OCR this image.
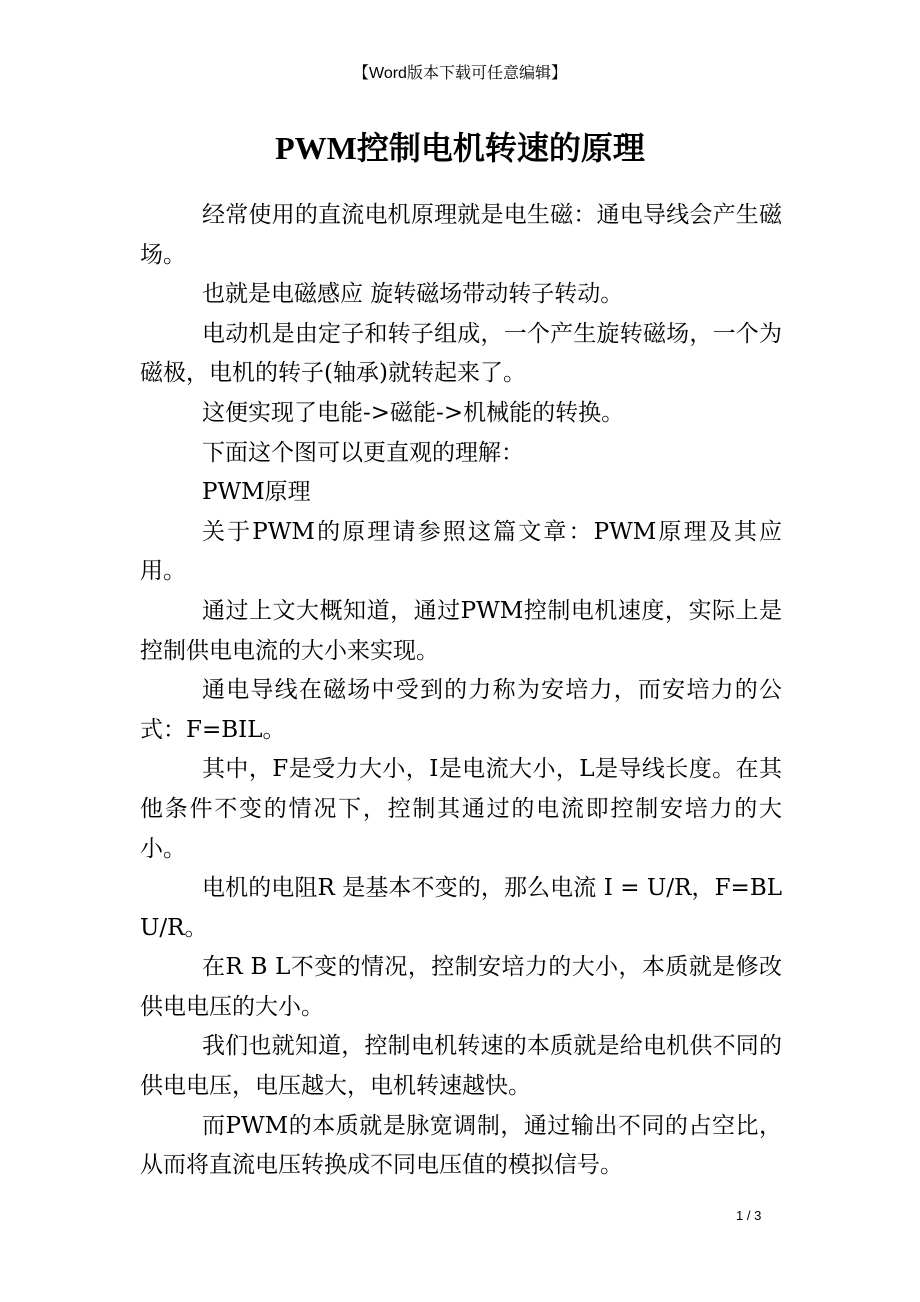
【Word版本下载可任意编辑】
PWM控制电机转速的原理

经常使用的直流电机原理就是电生磁：通电导线会产生磁场。

也就是电磁感应 旋转磁场带动转子转动。

电动机是由定子和转子组成，一个产生旋转磁场，一个为磁极，电机的转子(轴承)就转起来了。

这便实现了电能->磁能->机械能的转换。

下面这个图可以更直观的理解：

PWM原理

关于PWM的原理请参照这篇文章：PWM原理及其应用。

通过上文大概知道，通过PWM控制电机速度，实际上是控制供电电流的大小来实现。

通电导线在磁场中受到的力称为安培力，而安培力的公式：F=BIL。

其中，F是受力大小，I是电流大小，L是导线长度。在其他条件不变的情况下，控制其通过的电流即控制安培力的大小。

电机的电阻R 是基本不变的，那么电流 I = U/R，F=BLU/R。

在R B L不变的情况，控制安培力的大小，本质就是修改供电电压的大小。

我们也就知道，控制电机转速的本质就是给电机供不同的供电电压，电压越大，电机转速越快。

而PWM的本质就是脉宽调制，通过输出不同的占空比，从而将直流电压转换成不同电压值的模拟信号。

1 / 3
